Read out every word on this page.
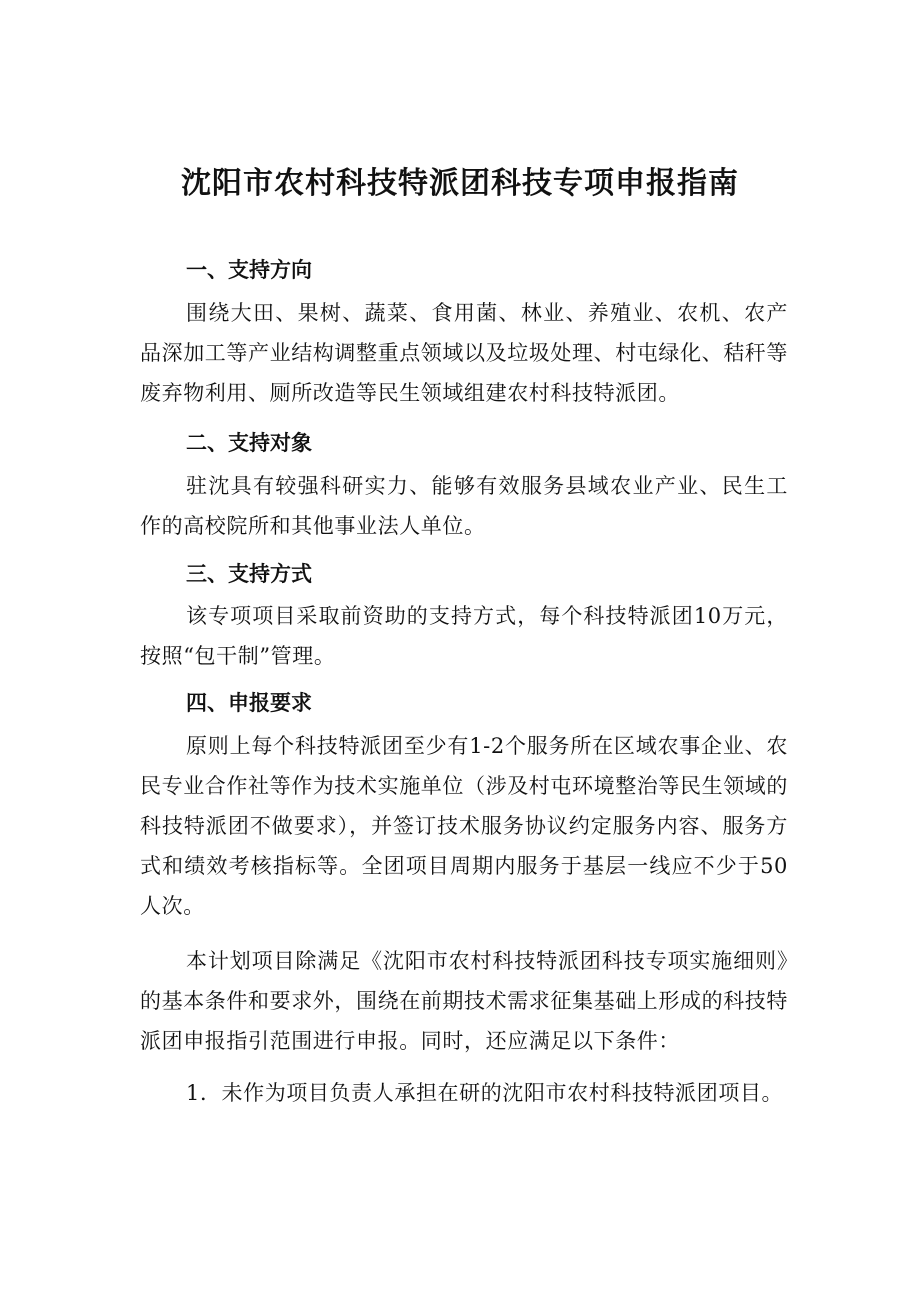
沈阳市农村科技特派团科技专项申报指南
一、支持方向

围绕大田、果树、蔬菜、食用菌、林业、养殖业、农机、农产品深加工等产业结构调整重点领域以及垃圾处理、村屯绿化、秸秆等废弃物利用、厕所改造等民生领域组建农村科技特派团。

二、支持对象

驻沈具有较强科研实力、能够有效服务县域农业产业、民生工作的高校院所和其他事业法人单位。

三、支持方式

该专项项目采取前资助的支持方式，每个科技特派团10万元，按照“包干制”管理。

四、申报要求

原则上每个科技特派团至少有1-2个服务所在区域农事企业、农民专业合作社等作为技术实施单位（涉及村屯环境整治等民生领域的科技特派团不做要求），并签订技术服务协议约定服务内容、服务方式和绩效考核指标等。全团项目周期内服务于基层一线应不少于50人次。

本计划项目除满足《沈阳市农村科技特派团科技专项实施细则》的基本条件和要求外，围绕在前期技术需求征集基础上形成的科技特派团申报指引范围进行申报。同时，还应满足以下条件：

1．未作为项目负责人承担在研的沈阳市农村科技特派团项目。
